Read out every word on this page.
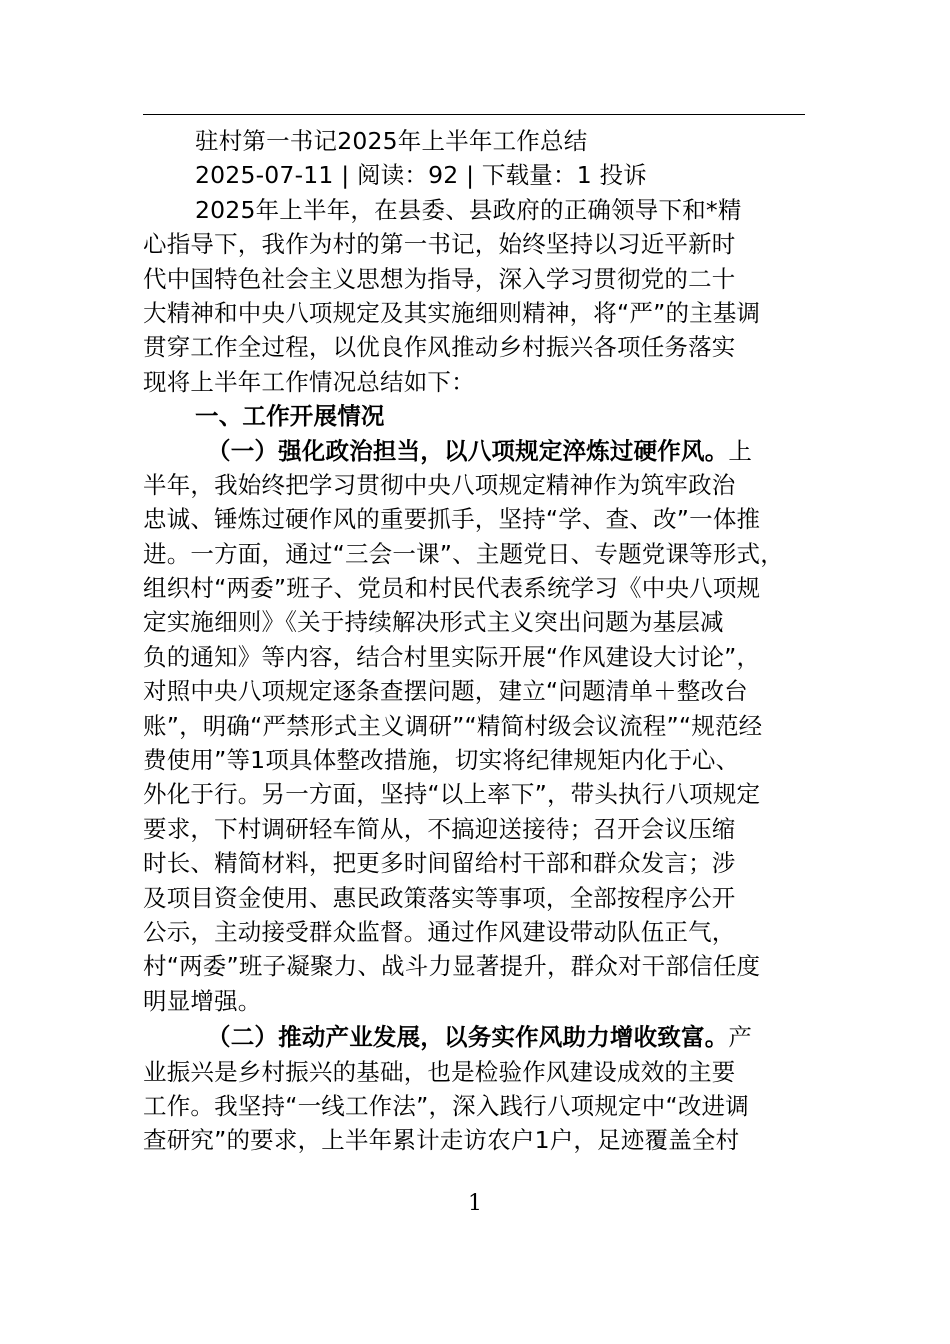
驻村第一书记2025年上半年工作总结
2025-07-11 | 阅读：92 | 下载量：1 投诉
2025年上半年，在县委、县政府的正确领导下和*精
心指导下，我作为村的第一书记，始终坚持以习近平新时
代中国特色社会主义思想为指导，深入学习贯彻党的二十
大精神和中央八项规定及其实施细则精神，将“严”的主基调
贯穿工作全过程，以优良作风推动乡村振兴各项任务落实
现将上半年工作情况总结如下：
一、工作开展情况
（一）强化政治担当，以八项规定淬炼过硬作风。上
半年，我始终把学习贯彻中央八项规定精神作为筑牢政治
忠诚、锤炼过硬作风的重要抓手，坚持“学、查、改”一体推
进。一方面，通过“三会一课”、主题党日、专题党课等形式，
组织村“两委”班子、党员和村民代表系统学习《中央八项规
定实施细则》《关于持续解决形式主义突出问题为基层减
负的通知》等内容，结合村里实际开展“作风建设大讨论”，
对照中央八项规定逐条查摆问题，建立“问题清单＋整改台
账”，明确“严禁形式主义调研”“精简村级会议流程”“规范经
费使用”等1项具体整改措施，切实将纪律规矩内化于心、
外化于行。另一方面，坚持“以上率下”，带头执行八项规定
要求，下村调研轻车简从，不搞迎送接待；召开会议压缩
时长、精简材料，把更多时间留给村干部和群众发言；涉
及项目资金使用、惠民政策落实等事项，全部按程序公开
公示，主动接受群众监督。通过作风建设带动队伍正气，
村“两委”班子凝聚力、战斗力显著提升，群众对干部信任度
明显增强。
（二）推动产业发展，以务实作风助力增收致富。产
业振兴是乡村振兴的基础，也是检验作风建设成效的主要
工作。我坚持“一线工作法”，深入践行八项规定中“改进调
查研究”的要求，上半年累计走访农户1户，足迹覆盖全村
1
